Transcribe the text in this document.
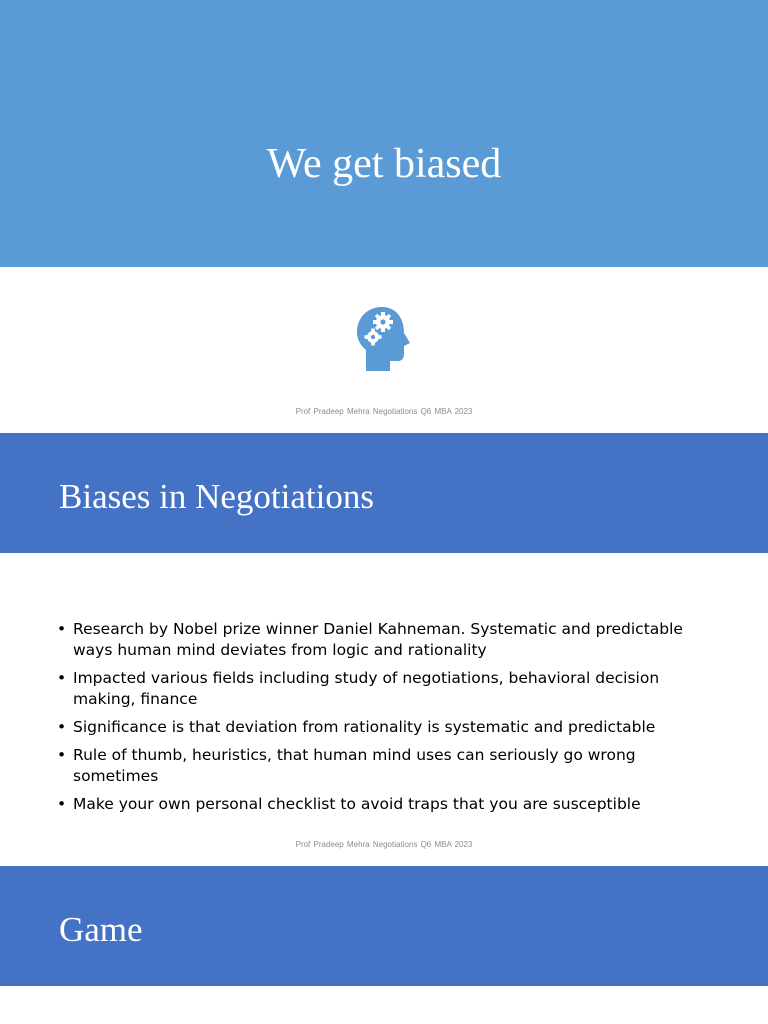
We get biased
Prof Pradeep Mehra Negotiations Q6 MBA 2023
Biases in Negotiations
• Research by Nobel prize winner Daniel Kahneman. Systematic and predictable ways human mind deviates from logic and rationality
• Impacted various fields including study of negotiations, behavioral decision making, finance
• Significance is that deviation from rationality is systematic and predictable
• Rule of thumb, heuristics, that human mind uses can seriously go wrong sometimes
• Make your own personal checklist to avoid traps that you are susceptible
Prof Pradeep Mehra Negotiations Q6 MBA 2023
Game
